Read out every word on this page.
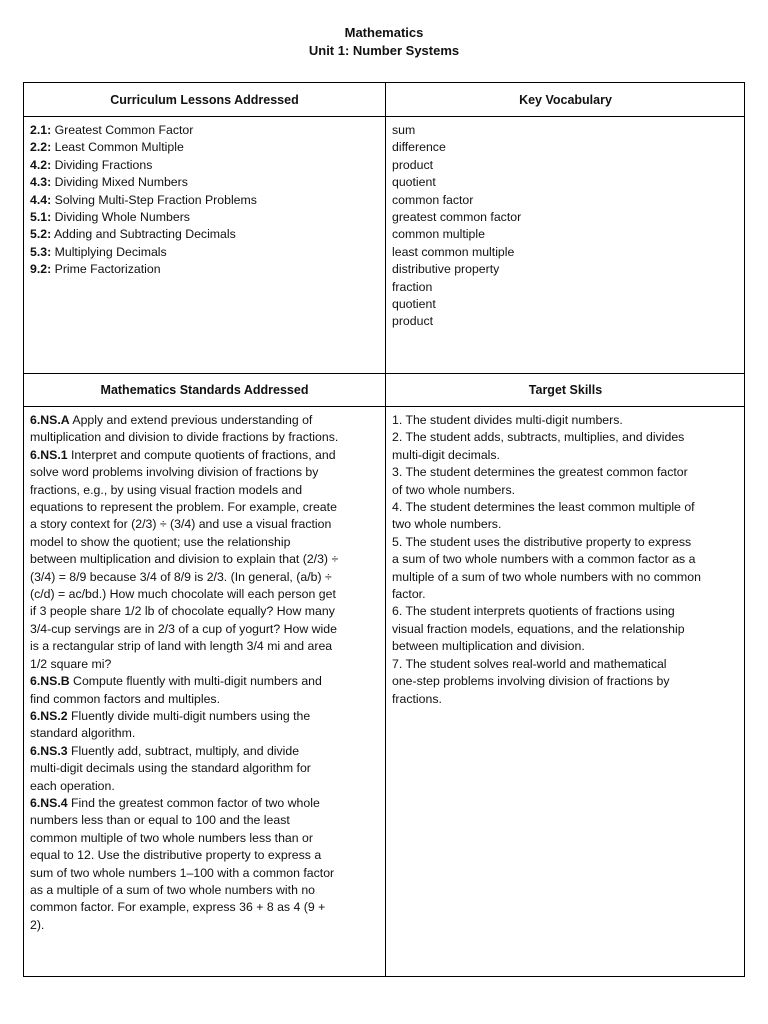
Mathematics
Unit 1: Number Systems
Curriculum Lessons Addressed	Key Vocabulary
2.1: Greatest Common Factor
2.2: Least Common Multiple
4.2: Dividing Fractions
4.3: Dividing Mixed Numbers
4.4: Solving Multi-Step Fraction Problems
5.1: Dividing Whole Numbers
5.2: Adding and Subtracting Decimals
5.3: Multiplying Decimals
9.2: Prime Factorization
sum
difference
product
quotient
common factor
greatest common factor
common multiple
least common multiple
distributive property
fraction
quotient
product
Mathematics Standards Addressed	Target Skills
6.NS.A Apply and extend previous understanding of
multiplication and division to divide fractions by fractions.
6.NS.1 Interpret and compute quotients of fractions, and
solve word problems involving division of fractions by
fractions, e.g., by using visual fraction models and
equations to represent the problem. For example, create
a story context for (2/3) ÷ (3/4) and use a visual fraction
model to show the quotient; use the relationship
between multiplication and division to explain that (2/3) ÷
(3/4) = 8/9 because 3/4 of 8/9 is 2/3. (In general, (a/b) ÷
(c/d) = ac/bd.) How much chocolate will each person get
if 3 people share 1/2 lb of chocolate equally? How many
3/4-cup servings are in 2/3 of a cup of yogurt? How wide
is a rectangular strip of land with length 3/4 mi and area
1/2 square mi?
6.NS.B Compute fluently with multi-digit numbers and
find common factors and multiples.
6.NS.2 Fluently divide multi-digit numbers using the
standard algorithm.
6.NS.3 Fluently add, subtract, multiply, and divide
multi-digit decimals using the standard algorithm for
each operation.
6.NS.4 Find the greatest common factor of two whole
numbers less than or equal to 100 and the least
common multiple of two whole numbers less than or
equal to 12. Use the distributive property to express a
sum of two whole numbers 1–100 with a common factor
as a multiple of a sum of two whole numbers with no
common factor. For example, express 36 + 8 as 4 (9 +
2).
1. The student divides multi-digit numbers.
2. The student adds, subtracts, multiplies, and divides
multi-digit decimals.
3. The student determines the greatest common factor
of two whole numbers.
4. The student determines the least common multiple of
two whole numbers.
5. The student uses the distributive property to express
a sum of two whole numbers with a common factor as a
multiple of a sum of two whole numbers with no common
factor.
6. The student interprets quotients of fractions using
visual fraction models, equations, and the relationship
between multiplication and division.
7. The student solves real-world and mathematical
one-step problems involving division of fractions by
fractions.
